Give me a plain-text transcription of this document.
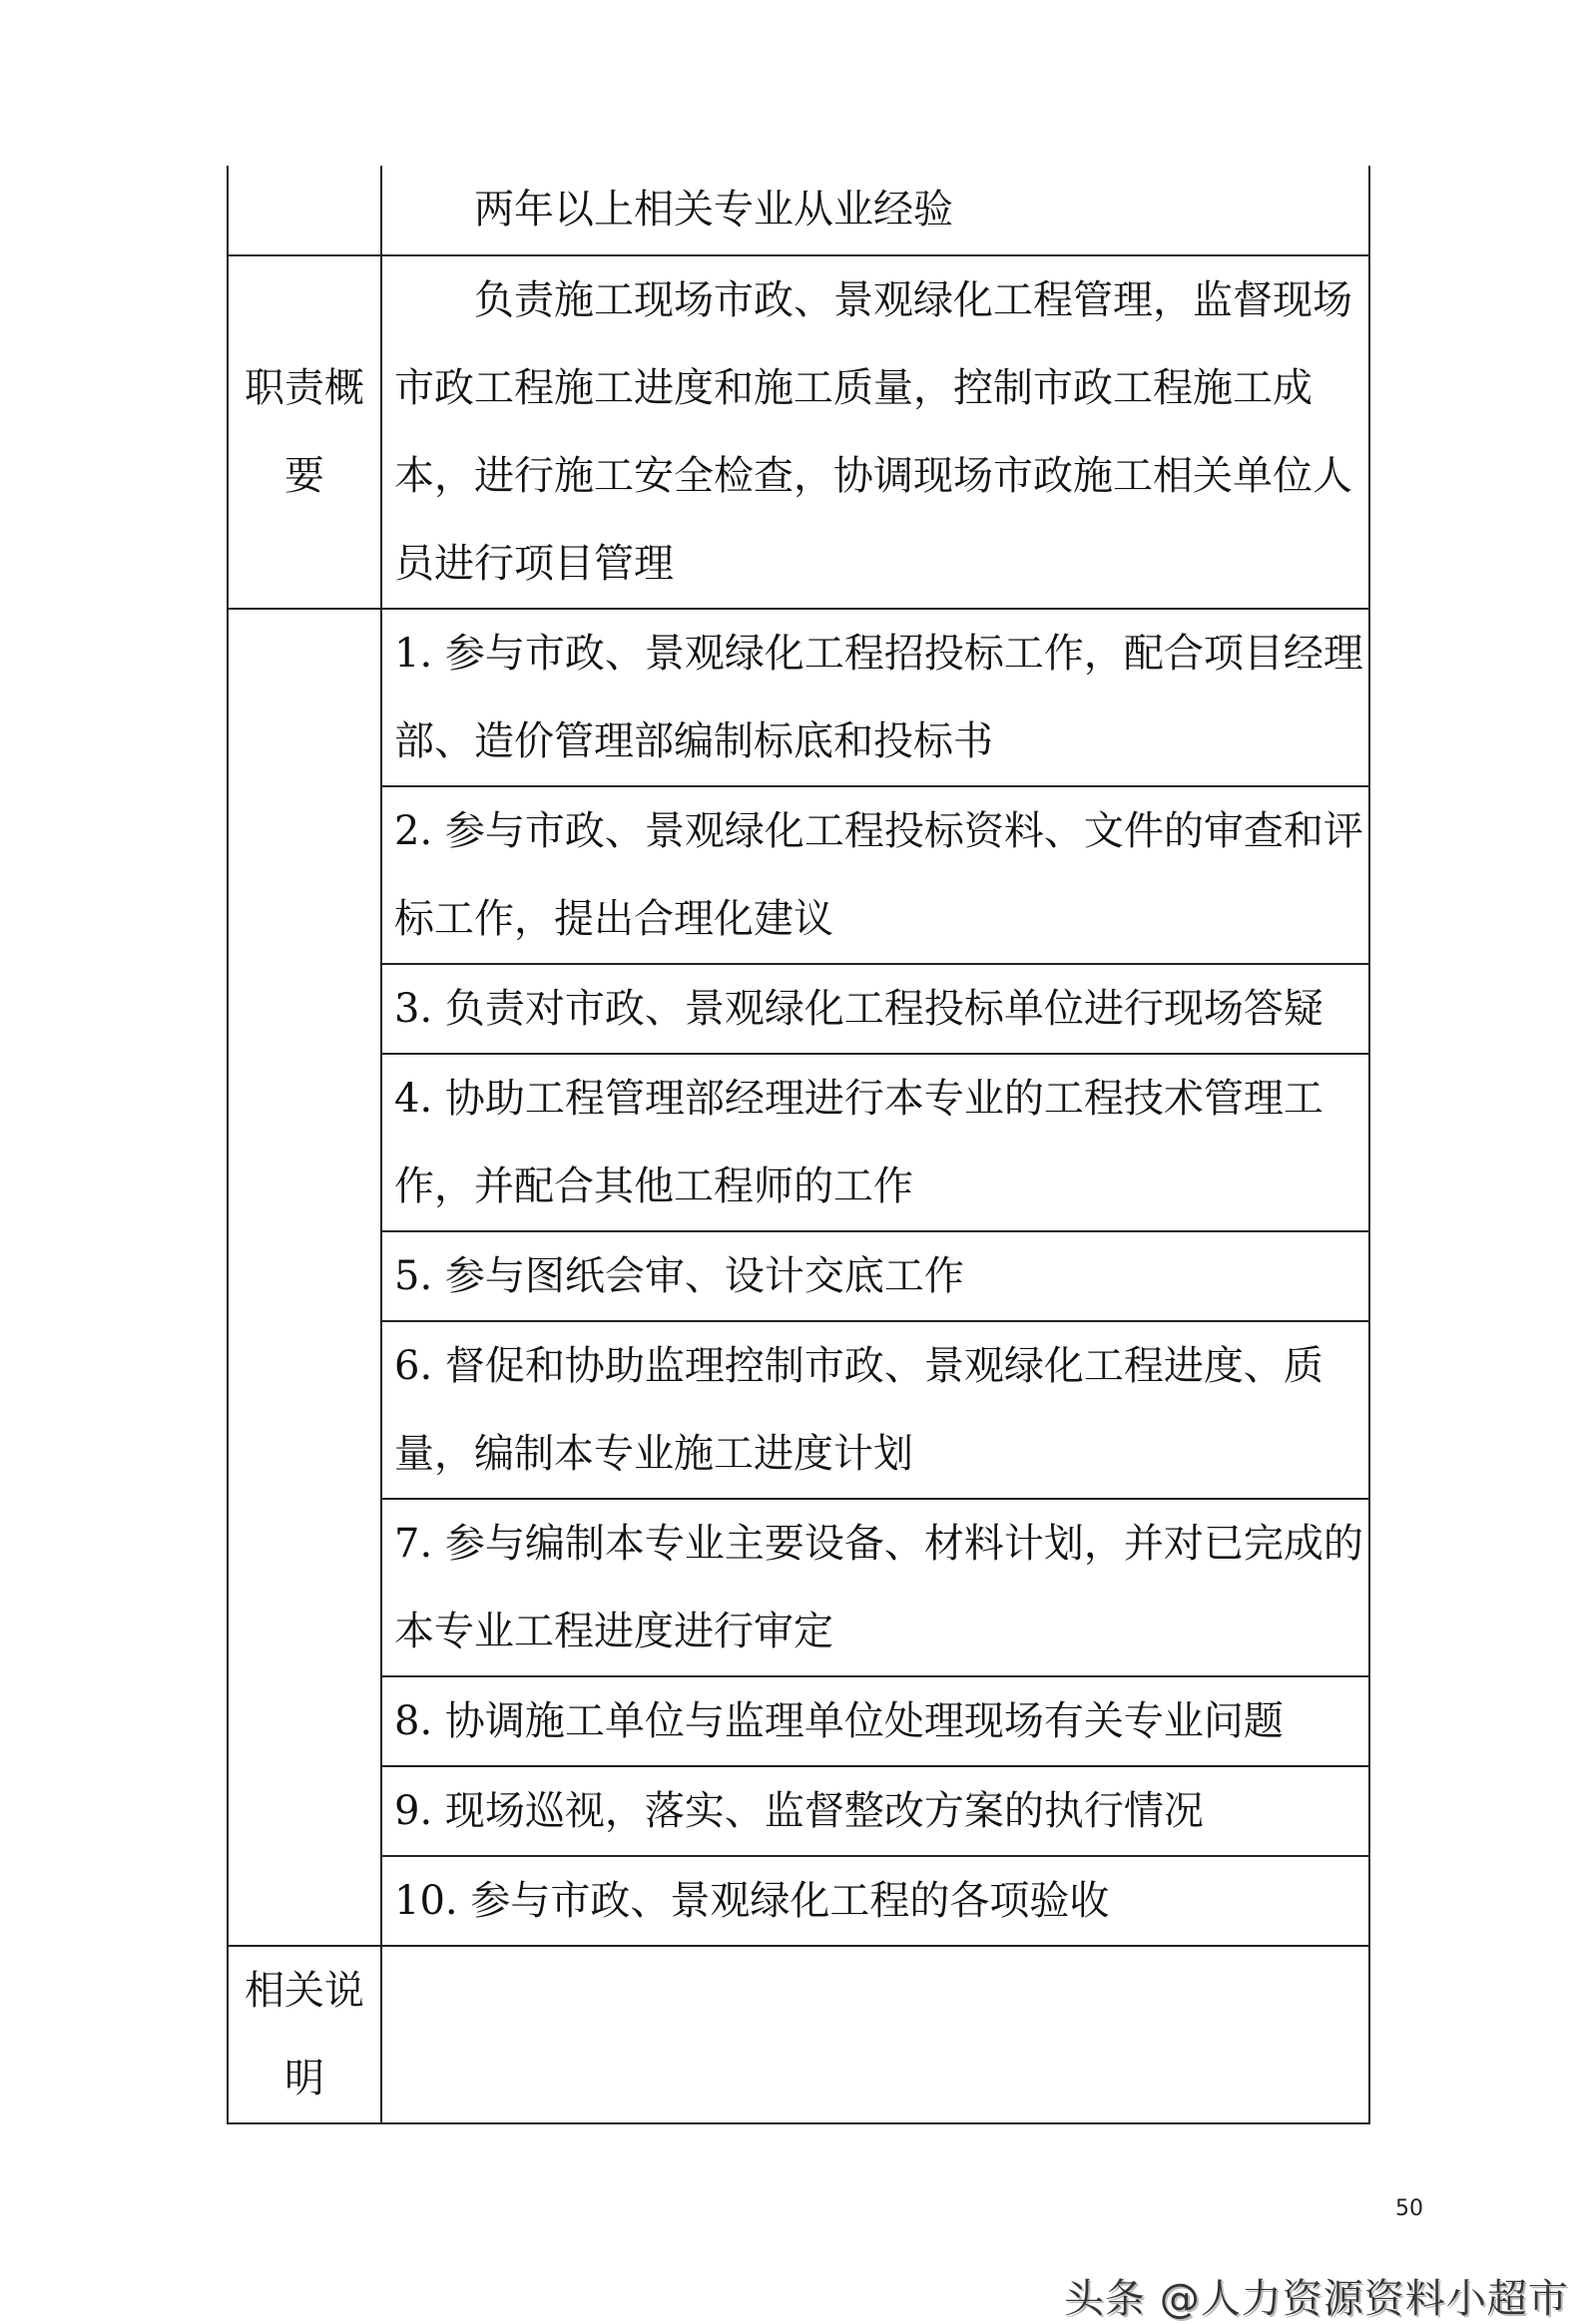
	两年以上相关专业从业经验
职责概要	负责施工现场市政、景观绿化工程管理，监督现场市政工程施工进度和施工质量，控制市政工程施工成本，进行施工安全检查，协调现场市政施工相关单位人员进行项目管理
	1. 参与市政、景观绿化工程招投标工作，配合项目经理部、造价管理部编制标底和投标书
	2. 参与市政、景观绿化工程投标资料、文件的审查和评标工作，提出合理化建议
	3. 负责对市政、景观绿化工程投标单位进行现场答疑
	4. 协助工程管理部经理进行本专业的工程技术管理工作，并配合其他工程师的工作
	5. 参与图纸会审、设计交底工作
	6. 督促和协助监理控制市政、景观绿化工程进度、质量，编制本专业施工进度计划
	7. 参与编制本专业主要设备、材料计划，并对已完成的本专业工程进度进行审定
	8. 协调施工单位与监理单位处理现场有关专业问题
	9. 现场巡视，落实、监督整改方案的执行情况
	10. 参与市政、景观绿化工程的各项验收
相关说明	
50
头条 @人力资源资料小超市
